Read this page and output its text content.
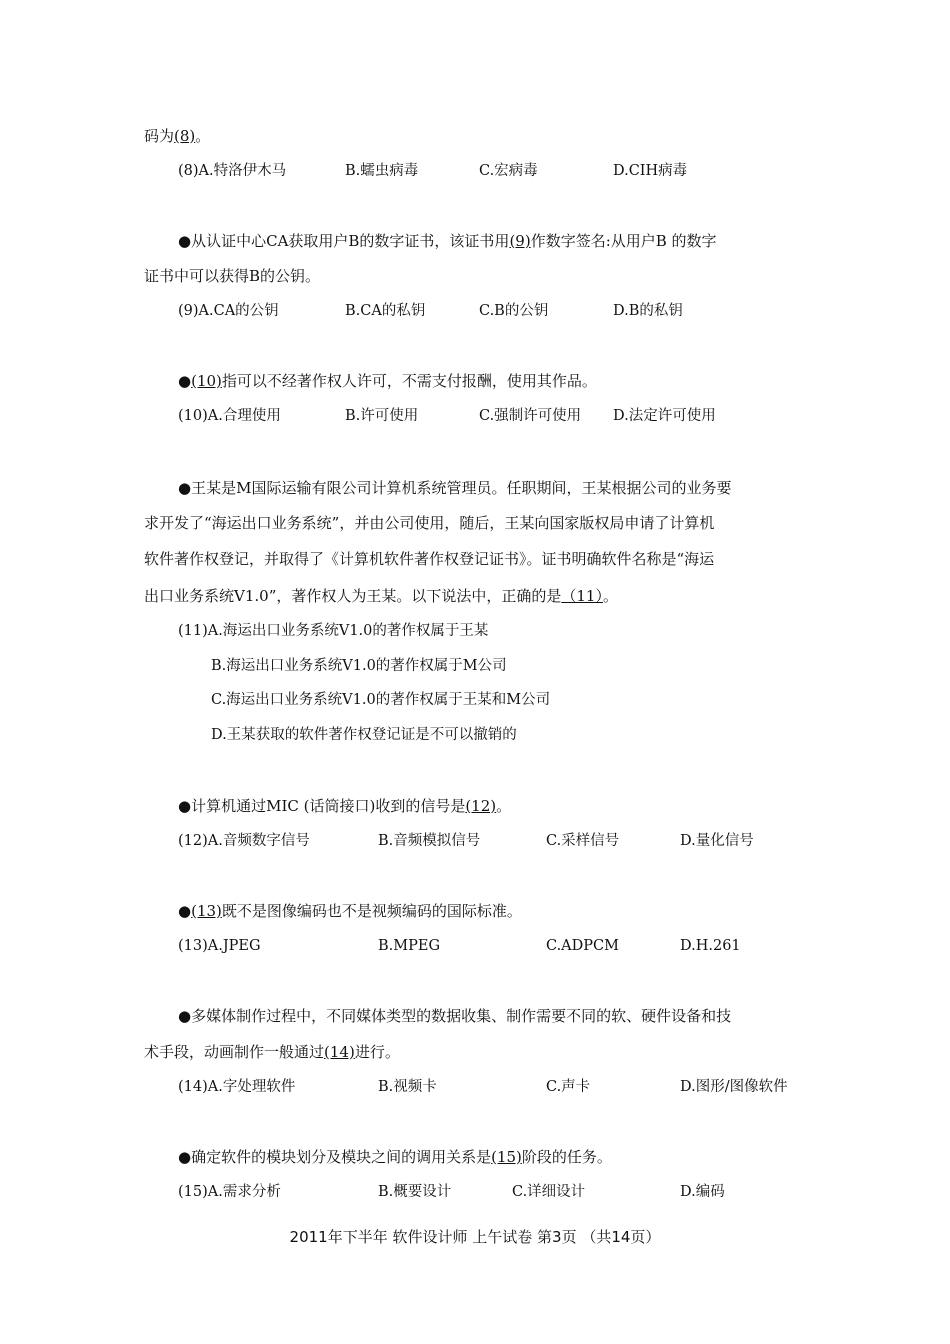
码为(8)。
(8)A.特洛伊木马	B.蠕虫病毒	C.宏病毒	D.CIH病毒
●从认证中心CA获取用户B的数字证书，该证书用(9)作数字签名:从用户B 的数字
证书中可以获得B的公钥。
(9)A.CA的公钥	B.CA的私钥	C.B的公钥	D.B的私钥
●(10)指可以不经著作权人许可，不需支付报酬，使用其作品。
(10)A.合理使用	B.许可使用	C.强制许可使用 D.法定许可使用
●王某是M国际运输有限公司计算机系统管理员。任职期间，王某根据公司的业务要
求开发了“海运出口业务系统”，并由公司使用，随后，王某向国家版权局申请了计算机
软件著作权登记，并取得了《计算机软件著作权登记证书》。证书明确软件名称是“海运
出口业务系统V1.0”，著作权人为王某。以下说法中，正确的是（11）。
(11)A.海运出口业务系统V1.0的著作权属于王某
B.海运出口业务系统V1.0的著作权属于M公司
C.海运出口业务系统V1.0的著作权属于王某和M公司
D.王某获取的软件著作权登记证是不可以撤销的
●计算机通过MIC (话筒接口)收到的信号是(12)。
(12)A.音频数字信号	B.音频模拟信号	C.采样信号	D.量化信号
●(13)既不是图像编码也不是视频编码的国际标准。
(13)A.JPEG	B.MPEG	C.ADPCM	D.H.261
●多媒体制作过程中，不同媒体类型的数据收集、制作需要不同的软、硬件设备和技
术手段，动画制作一般通过(14)进行。
(14)A.字处理软件	B.视频卡	C.声卡	D.图形/图像软件
●确定软件的模块划分及模块之间的调用关系是(15)阶段的任务。
(15)A.需求分析	B.概要设计	C.详细设计	D.编码
2011年下半年 软件设计师 上午试卷 第3页 （共14页）
